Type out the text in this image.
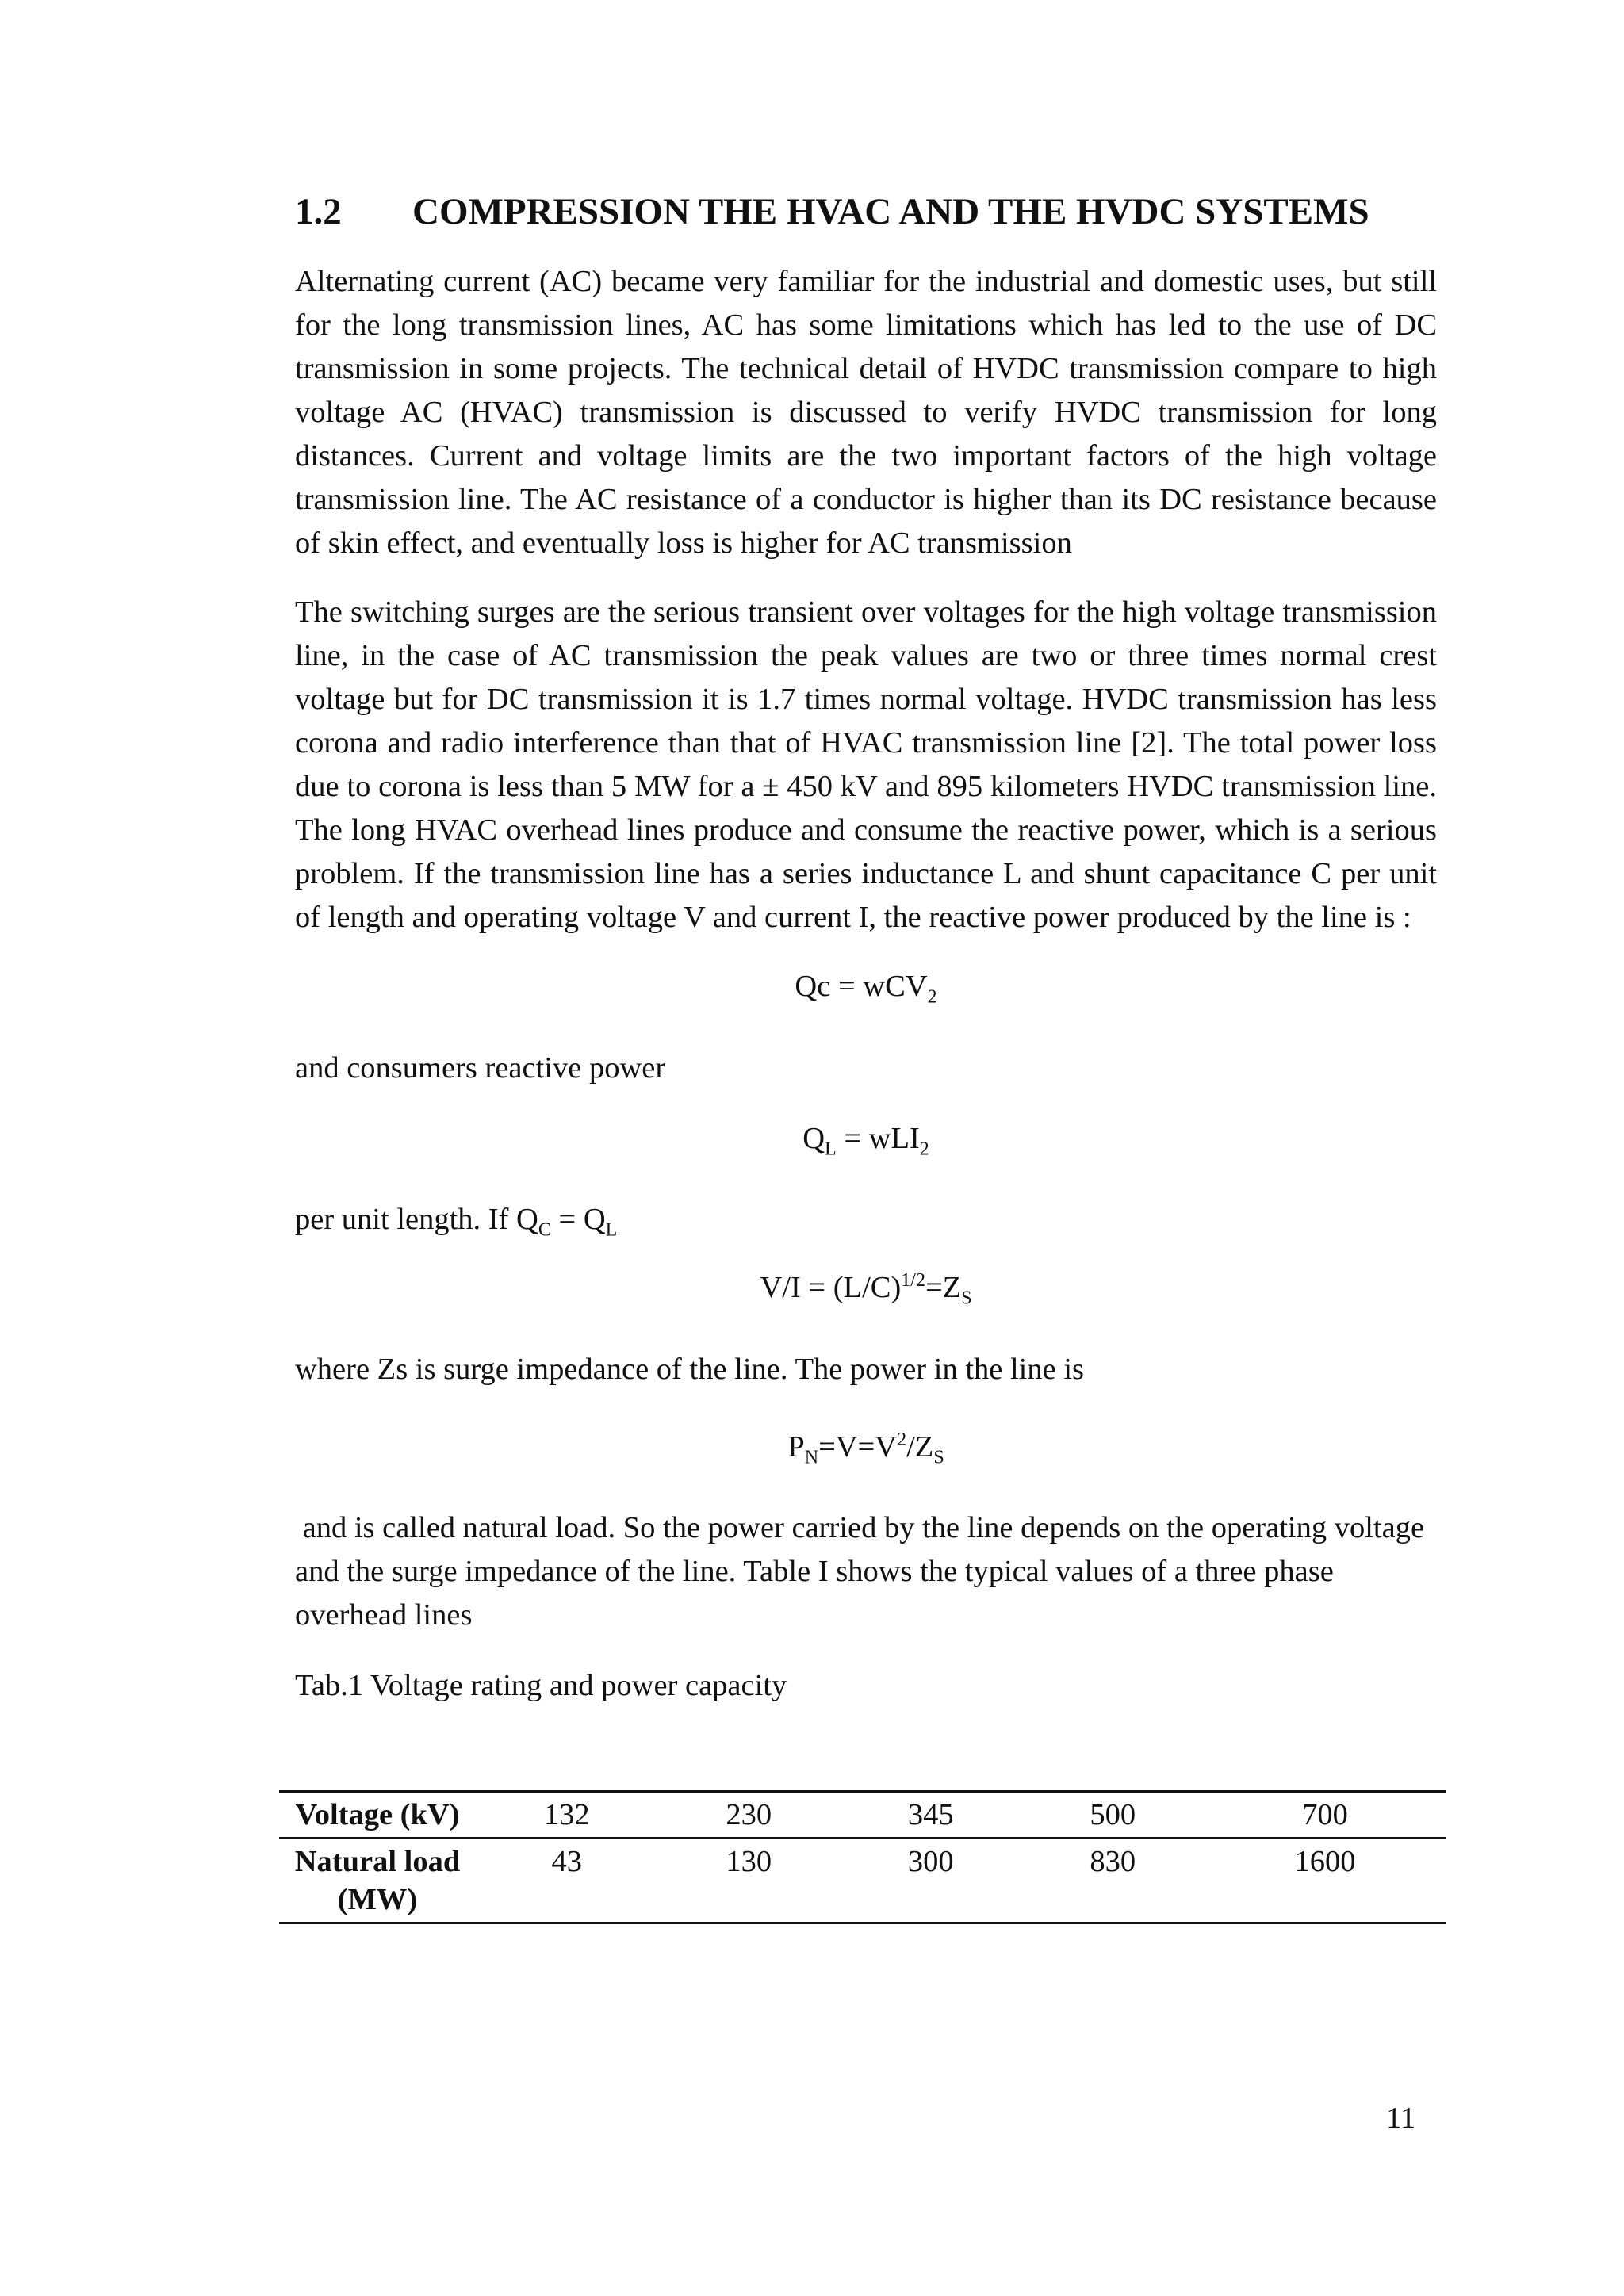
1.2	COMPRESSION THE HVAC AND THE HVDC SYSTEMS

Alternating current (AC) became very familiar for the industrial and domestic uses, but still for the long transmission lines, AC has some limitations which has led to the use of DC transmission in some projects. The technical detail of HVDC transmission compare to high voltage AC (HVAC) transmission is discussed to verify HVDC transmission for long distances. Current and voltage limits are the two important factors of the high voltage transmission line. The AC resistance of a conductor is higher than its DC resistance because of skin effect, and eventually loss is higher for AC transmission

The switching surges are the serious transient over voltages for the high voltage transmission line, in the case of AC transmission the peak values are two or three times normal crest voltage but for DC transmission it is 1.7 times normal voltage. HVDC transmission has less corona and radio interference than that of HVAC transmission line [2]. The total power loss due to corona is less than 5 MW for a ± 450 kV and 895 kilometers HVDC transmission line. The long HVAC overhead lines produce and consume the reactive power, which is a serious problem. If the transmission line has a series inductance L and shunt capacitance C per unit of length and operating voltage V and current I, the reactive power produced by the line is :

Qc = wCV$_2$

and consumers reactive power

$Q_L = wLI_2$

per unit length. If $Q_C = Q_L$

$V/I = (L/C)^{1/2}=Z_S$

where Zs is surge impedance of the line. The power in the line is

$P_N=V=V^2/Z_S$

and is called natural load. So the power carried by the line depends on the operating voltage and the surge impedance of the line. Table I shows the typical values of a three phase overhead lines

Tab.1 Voltage rating and power capacity

Voltage (kV)	132	230	345	500	700
Natural load (MW)	43	130	300	830	1600
11
